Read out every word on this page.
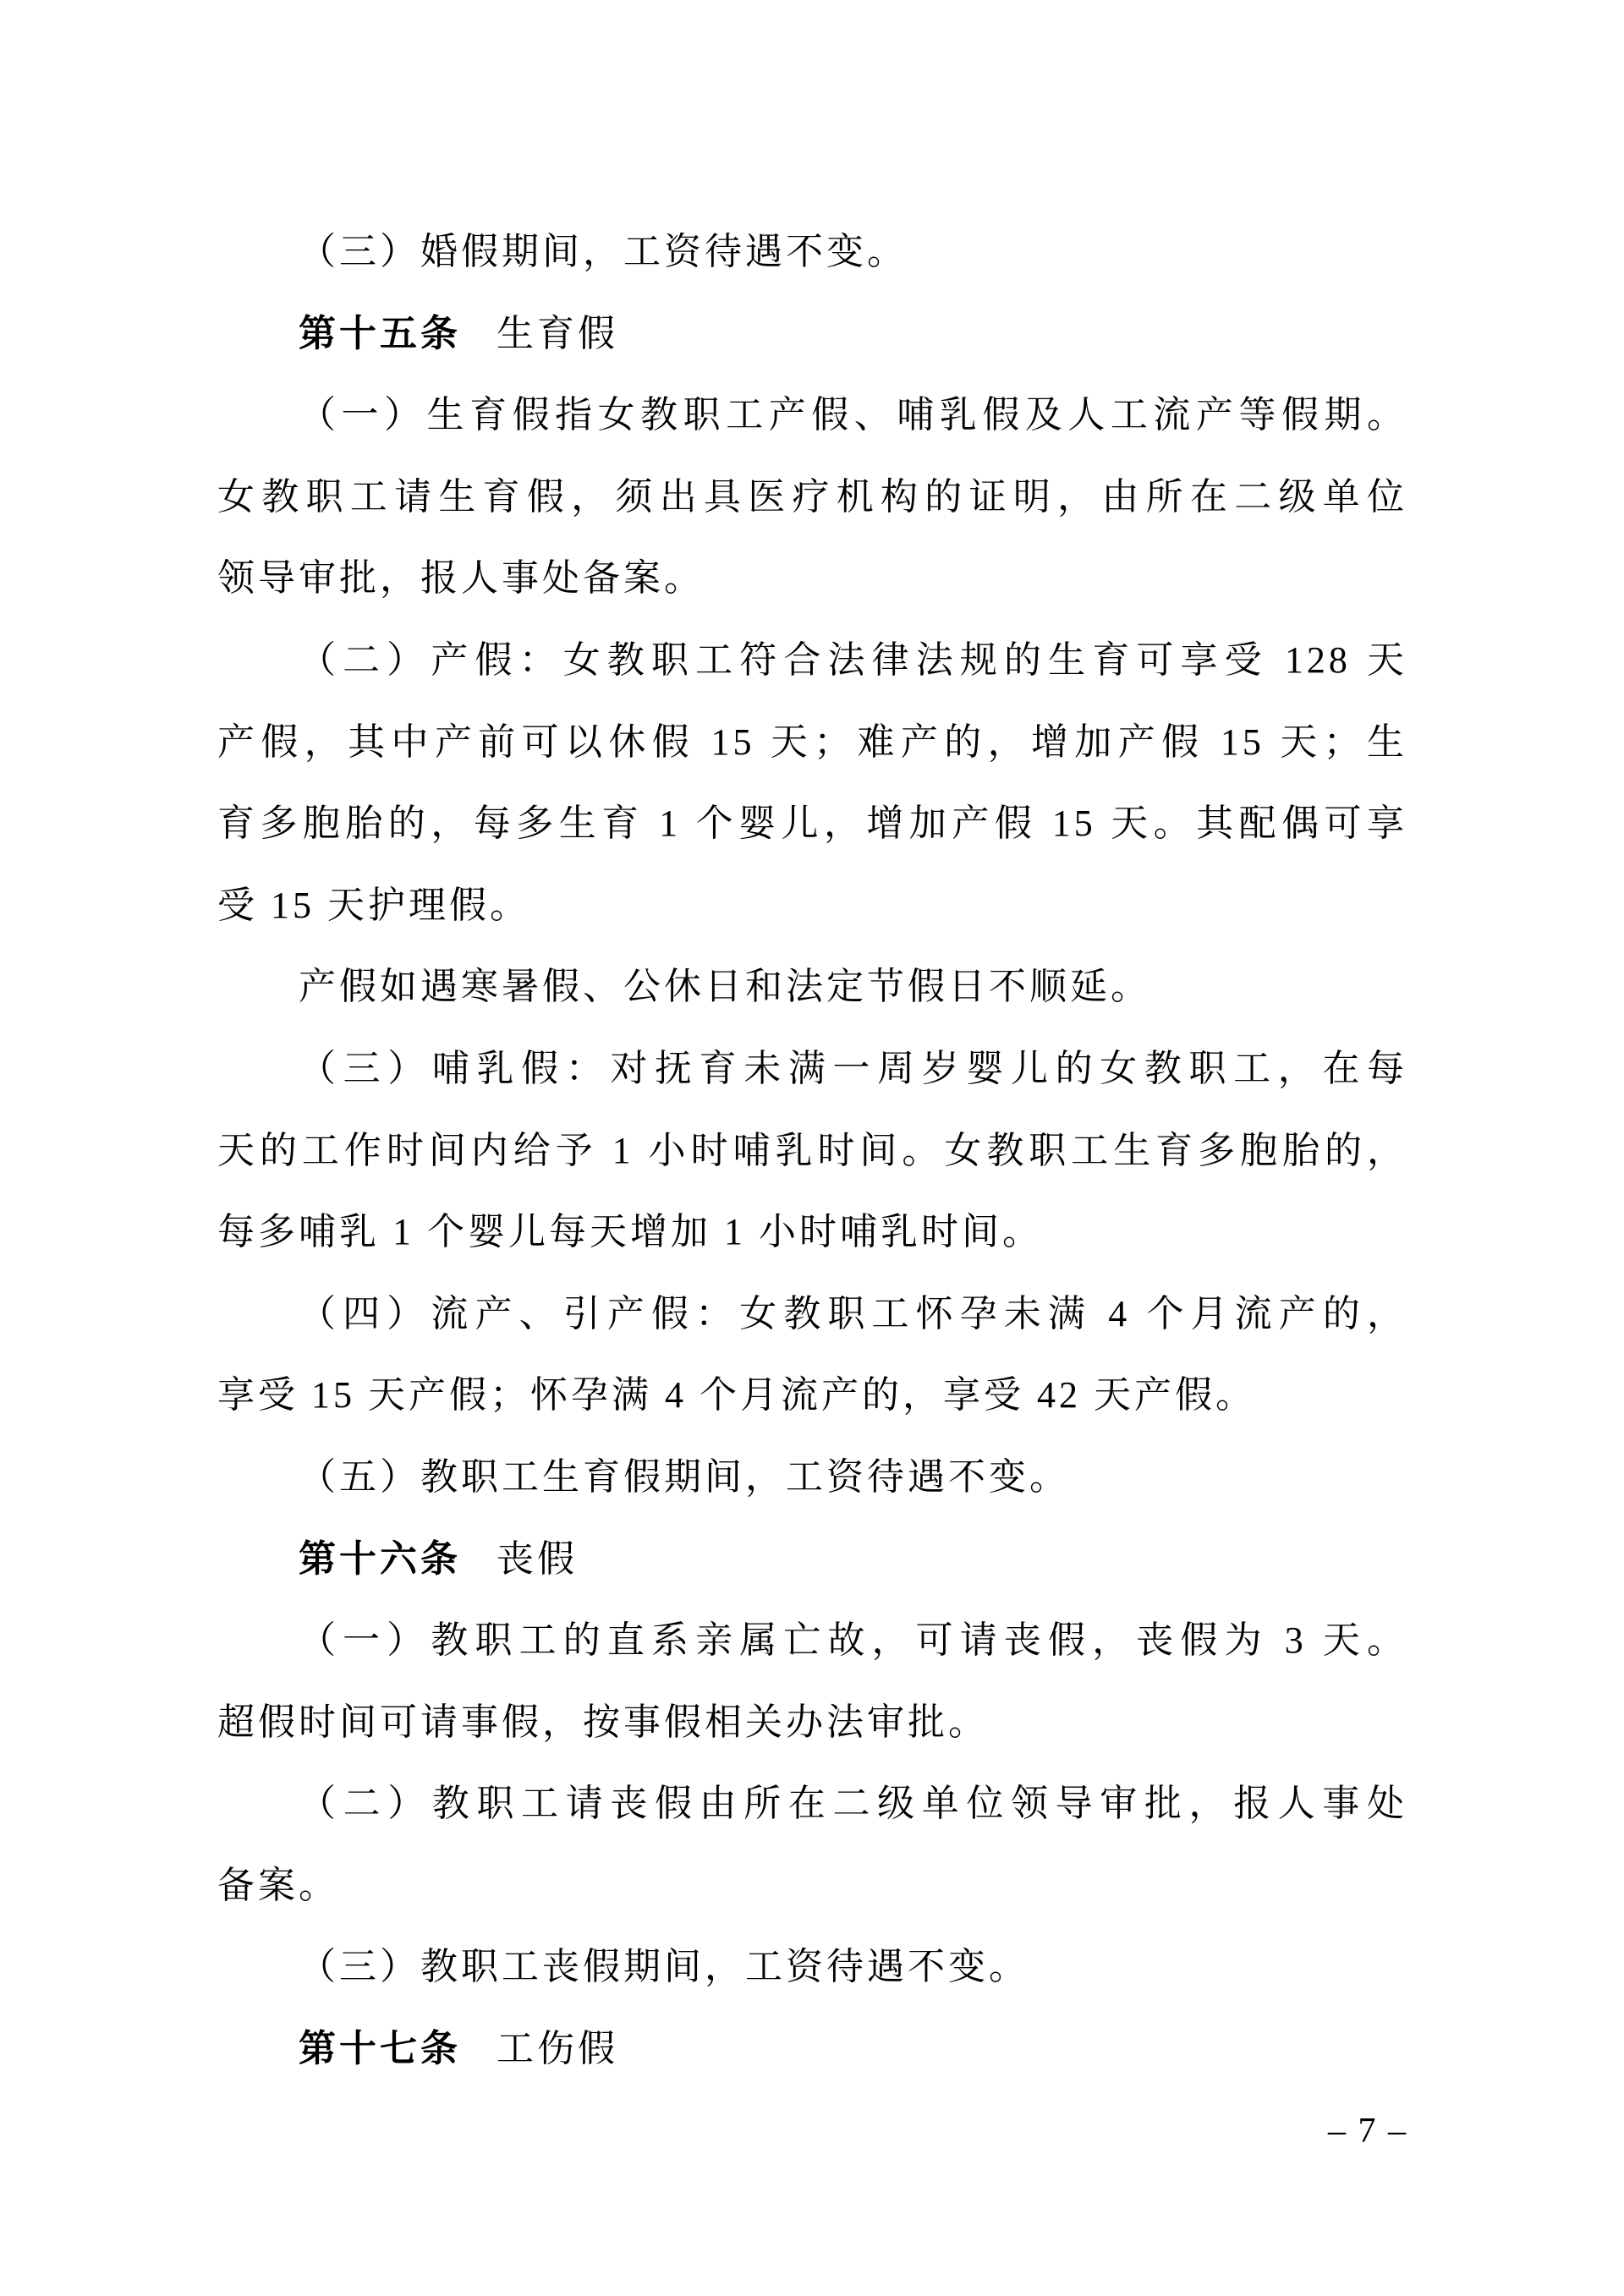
（三）婚假期间，工资待遇不变。
第十五条 生育假
（一）生育假指女教职工产假、哺乳假及人工流产等假期。
女教职工请生育假，须出具医疗机构的证明，由所在二级单位
领导审批，报人事处备案。
（二）产假：女教职工符合法律法规的生育可享受 128 天
产假，其中产前可以休假 15 天；难产的，增加产假 15 天；生
育多胞胎的，每多生育 1 个婴儿，增加产假 15 天。其配偶可享
受 15 天护理假。
产假如遇寒暑假、公休日和法定节假日不顺延。
（三）哺乳假：对抚育未满一周岁婴儿的女教职工，在每
天的工作时间内给予 1 小时哺乳时间。女教职工生育多胞胎的，
每多哺乳 1 个婴儿每天增加 1 小时哺乳时间。
（四）流产、引产假：女教职工怀孕未满 4 个月流产的，
享受 15 天产假；怀孕满 4 个月流产的，享受 42 天产假。
（五）教职工生育假期间，工资待遇不变。
第十六条 丧假
（一）教职工的直系亲属亡故，可请丧假，丧假为 3 天。
超假时间可请事假，按事假相关办法审批。
（二）教职工请丧假由所在二级单位领导审批，报人事处
备案。
（三）教职工丧假期间，工资待遇不变。
第十七条 工伤假
– 7 –
